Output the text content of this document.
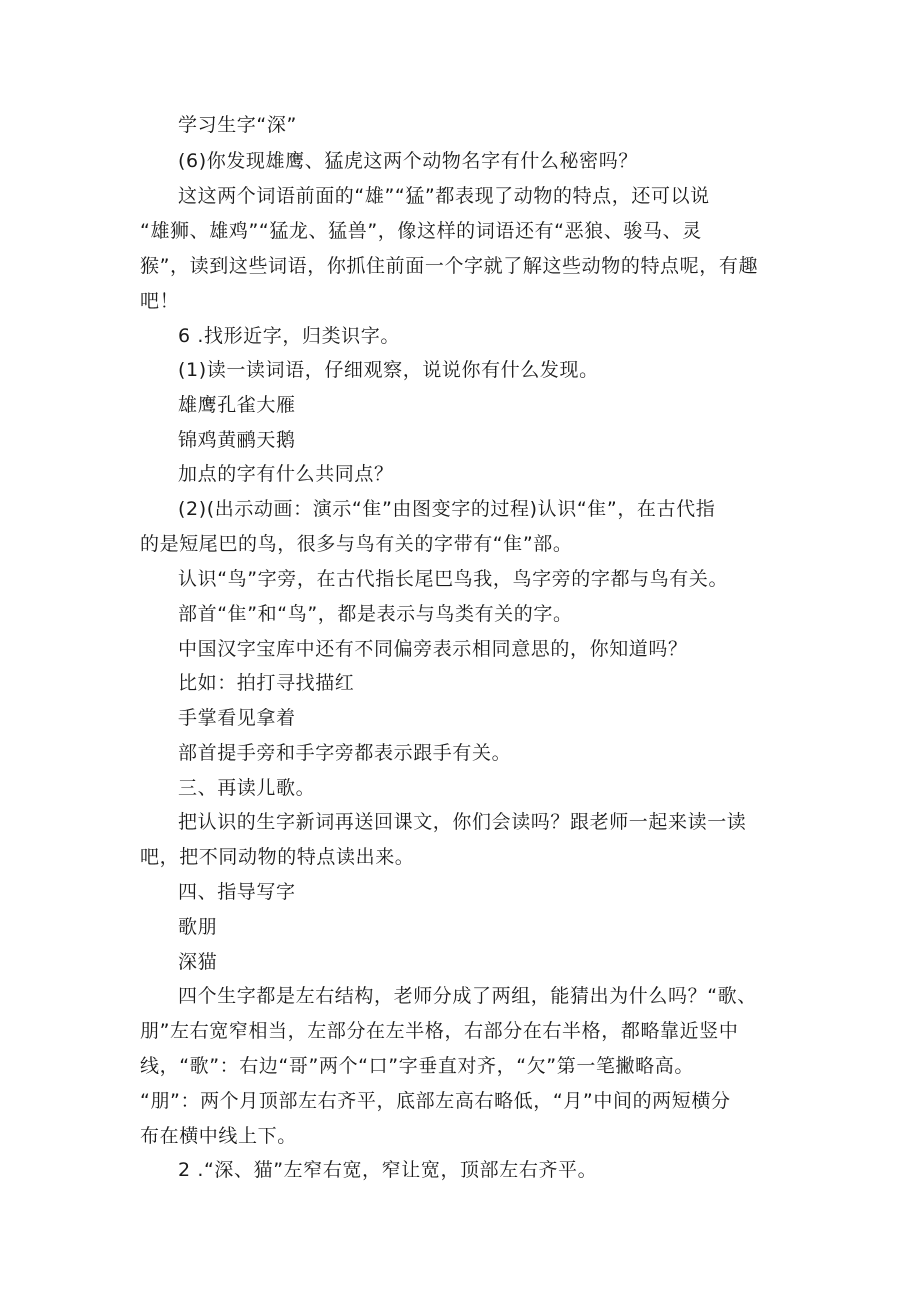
学习生字“深”
(6)你发现雄鹰、猛虎这两个动物名字有什么秘密吗？
这这两个词语前面的“雄”“猛”都表现了动物的特点，还可以说
“雄狮、雄鸡”“猛龙、猛兽”，像这样的词语还有“恶狼、骏马、灵
猴”，读到这些词语，你抓住前面一个字就了解这些动物的特点呢，有趣
吧！
6 .找形近字，归类识字。
(1)读一读词语，仔细观察，说说你有什么发现。
雄鹰孔雀大雁
锦鸡黄鹂天鹅
加点的字有什么共同点？
(2)(出示动画：演示“隹”由图变字的过程)认识“隹”，在古代指
的是短尾巴的鸟，很多与鸟有关的字带有“隹”部。
认识“鸟”字旁，在古代指长尾巴鸟我，鸟字旁的字都与鸟有关。
部首“隹”和“鸟”，都是表示与鸟类有关的字。
中国汉字宝库中还有不同偏旁表示相同意思的，你知道吗？
比如：拍打寻找描红
手掌看见拿着
部首提手旁和手字旁都表示跟手有关。
三、再读儿歌。
把认识的生字新词再送回课文，你们会读吗？跟老师一起来读一读
吧，把不同动物的特点读出来。
四、指导写字
歌朋
深猫
四个生字都是左右结构，老师分成了两组，能猜出为什么吗？“歌、
朋”左右宽窄相当，左部分在左半格，右部分在右半格，都略靠近竖中
线，“歌”：右边“哥”两个“口”字垂直对齐，“欠”第一笔撇略高。
“朋”：两个月顶部左右齐平，底部左高右略低，“月”中间的两短横分
布在横中线上下。
2 .“深、猫”左窄右宽，窄让宽，顶部左右齐平。
